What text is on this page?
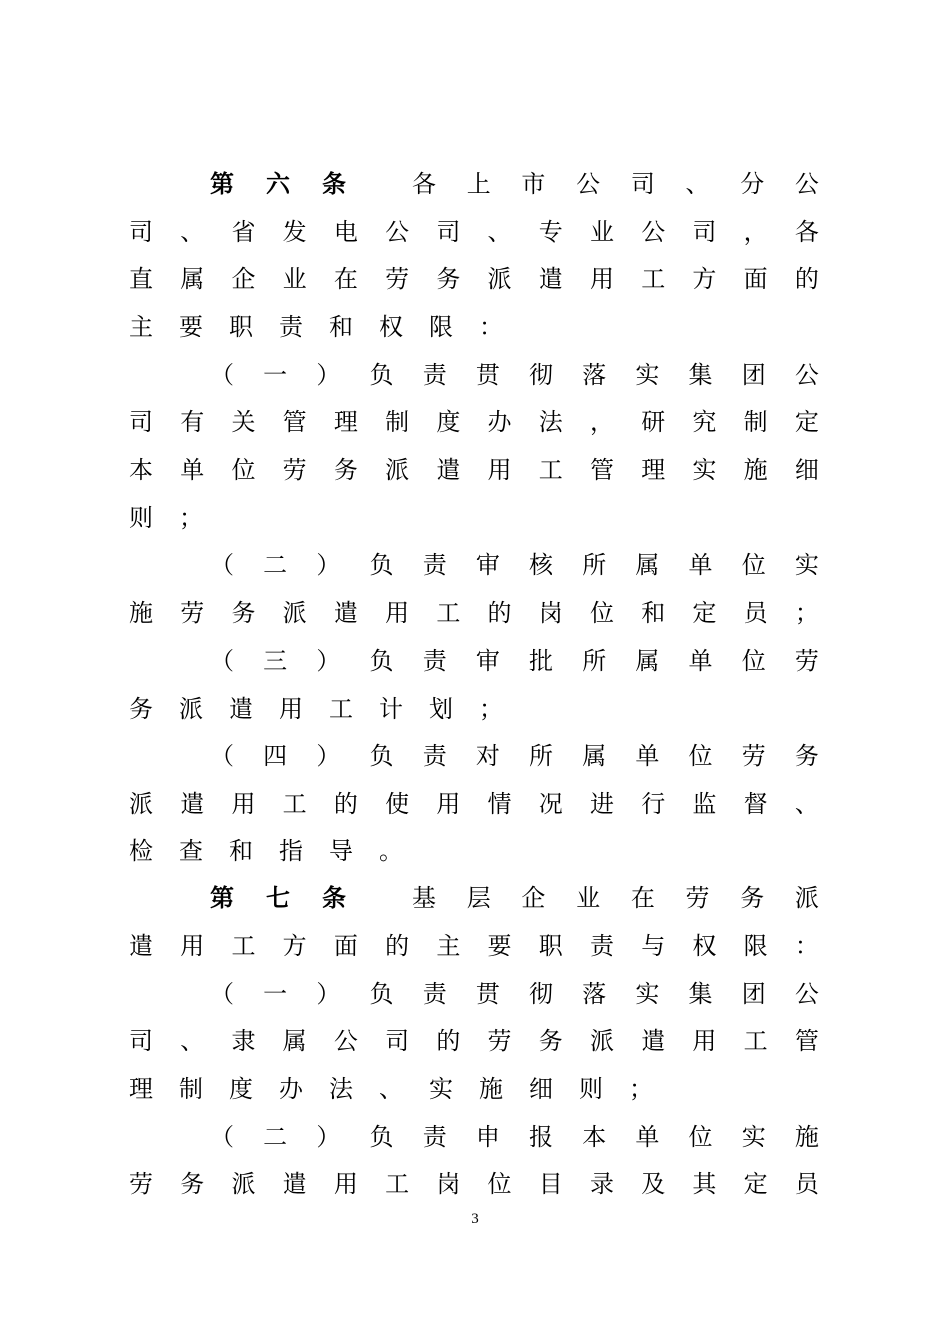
第 六 条	各 上 市 公 司 、 分 公
司 、 省 发 电 公 司 、 专 业 公 司 ， 各
直 属 企 业 在 劳 务 派 遣 用 工 方 面 的
主 要 职 责 和 权 限 ：
（ 一 ） 负 责 贯 彻 落 实 集 团 公
司 有 关 管 理 制 度 办 法 ， 研 究 制 定
本 单 位 劳 务 派 遣 用 工 管 理 实 施 细
则 ；
（ 二 ） 负 责 审 核 所 属 单 位 实
施 劳 务 派 遣 用 工 的 岗 位 和 定 员 ；
（ 三 ） 负 责 审 批 所 属 单 位 劳
务 派 遣 用 工 计 划 ；
（ 四 ） 负 责 对 所 属 单 位 劳 务
派 遣 用 工 的 使 用 情 况 进 行 监 督 、
检 查 和 指 导 。
第 七 条	基 层 企 业 在 劳 务 派
遣 用 工 方 面 的 主 要 职 责 与 权 限 ：
（ 一 ） 负 责 贯 彻 落 实 集 团 公
司 、 隶 属 公 司 的 劳 务 派 遣 用 工 管
理 制 度 办 法 、 实 施 细 则 ；
（ 二 ） 负 责 申 报 本 单 位 实 施
劳 务 派 遣 用 工 岗 位 目 录 及 其 定 员
3
